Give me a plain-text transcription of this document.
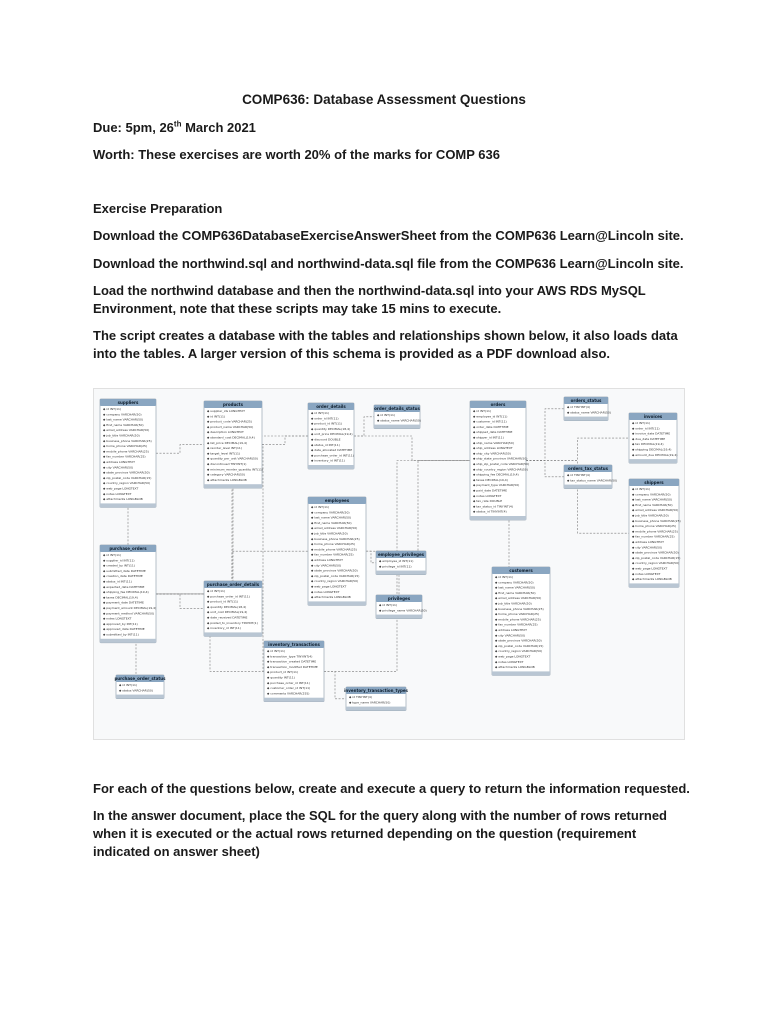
COMP636: Database Assessment Questions
Due: 5pm, 26th March 2021
Worth: These exercises are worth 20% of the marks for COMP 636
Exercise Preparation
Download the COMP636DatabaseExerciseAnswerSheet from the COMP636 Learn@Lincoln site.
Download the northwind.sql and northwind-data.sql file from the COMP636 Learn@Lincoln site.
Load the northwind database and then the northwind-data.sql into your AWS RDS MySQL Environment, note that these scripts may take 15 mins to execute.
The script creates a database with the tables and relationships shown below, it also loads data into the tables. A larger version of this schema is provided as a PDF download also.
suppliers
◆ id INT(11)
◆ company VARCHAR(50)
◆ last_name VARCHAR(50)
◆ first_name VARCHAR(50)
◆ email_address VARCHAR(50)
◆ job_title VARCHAR(50)
◆ business_phone VARCHAR(25)
◆ home_phone VARCHAR(25)
◆ mobile_phone VARCHAR(25)
◆ fax_number VARCHAR(25)
◆ address LONGTEXT
◆ city VARCHAR(50)
◆ state_province VARCHAR(50)
◆ zip_postal_code VARCHAR(15)
◆ country_region VARCHAR(50)
◆ web_page LONGTEXT
◆ notes LONGTEXT
◆ attachments LONGBLOB
products
◆ supplier_ids LONGTEXT
◆ id INT(11)
◆ product_code VARCHAR(25)
◆ product_name VARCHAR(50)
◆ description LONGTEXT
◆ standard_cost DECIMAL(19,4)
◆ list_price DECIMAL(19,4)
◆ reorder_level INT(11)
◆ target_level INT(11)
◆ quantity_per_unit VARCHAR(50)
◆ discontinued TINYINT(1)
◆ minimum_reorder_quantity INT(11)
◆ category VARCHAR(50)
◆ attachments LONGBLOB
order_details
◆ id INT(11)
◆ order_id INT(11)
◆ product_id INT(11)
◆ quantity DECIMAL(18,4)
◆ unit_price DECIMAL(19,4)
◆ discount DOUBLE
◆ status_id INT(11)
◆ date_allocated DATETIME
◆ purchase_order_id INT(11)
◆ inventory_id INT(11)
order_details_status
◆ id INT(11)
◆ status_name VARCHAR(50)
orders
◆ id INT(11)
◆ employee_id INT(11)
◆ customer_id INT(11)
◆ order_date DATETIME
◆ shipped_date DATETIME
◆ shipper_id INT(11)
◆ ship_name VARCHAR(50)
◆ ship_address LONGTEXT
◆ ship_city VARCHAR(50)
◆ ship_state_province VARCHAR(50)
◆ ship_zip_postal_code VARCHAR(50)
◆ ship_country_region VARCHAR(50)
◆ shipping_fee DECIMAL(19,4)
◆ taxes DECIMAL(19,4)
◆ payment_type VARCHAR(50)
◆ paid_date DATETIME
◆ notes LONGTEXT
◆ tax_rate DOUBLE
◆ tax_status_id TINYINT(4)
◆ status_id TINYINT(4)
orders_status
◆ id TINYINT(4)
◆ status_name VARCHAR(50)
orders_tax_status
◆ id TINYINT(4)
◆ tax_status_name VARCHAR(50)
invoices
◆ id INT(11)
◆ order_id INT(11)
◆ invoice_date DATETIME
◆ due_date DATETIME
◆ tax DECIMAL(19,4)
◆ shipping DECIMAL(19,4)
◆ amount_due DECIMAL(19,4)
shippers
◆ id INT(11)
◆ company VARCHAR(50)
◆ last_name VARCHAR(50)
◆ first_name VARCHAR(50)
◆ email_address VARCHAR(50)
◆ job_title VARCHAR(50)
◆ business_phone VARCHAR(25)
◆ home_phone VARCHAR(25)
◆ mobile_phone VARCHAR(25)
◆ fax_number VARCHAR(25)
◆ address LONGTEXT
◆ city VARCHAR(50)
◆ state_province VARCHAR(50)
◆ zip_postal_code VARCHAR(15)
◆ country_region VARCHAR(50)
◆ web_page LONGTEXT
◆ notes LONGTEXT
◆ attachments LONGBLOB
employees
◆ id INT(11)
◆ company VARCHAR(50)
◆ last_name VARCHAR(50)
◆ first_name VARCHAR(50)
◆ email_address VARCHAR(50)
◆ job_title VARCHAR(50)
◆ business_phone VARCHAR(25)
◆ home_phone VARCHAR(25)
◆ mobile_phone VARCHAR(25)
◆ fax_number VARCHAR(25)
◆ address LONGTEXT
◆ city VARCHAR(50)
◆ state_province VARCHAR(50)
◆ zip_postal_code VARCHAR(15)
◆ country_region VARCHAR(50)
◆ web_page LONGTEXT
◆ notes LONGTEXT
◆ attachments LONGBLOB
employee_privileges
◆ employee_id INT(11)
◆ privilege_id INT(11)
privileges
◆ id INT(11)
◆ privilege_name VARCHAR(50)
purchase_orders
◆ id INT(11)
◆ supplier_id INT(11)
◆ created_by INT(11)
◆ submitted_date DATETIME
◆ creation_date DATETIME
◆ status_id INT(11)
◆ expected_date DATETIME
◆ shipping_fee DECIMAL(19,4)
◆ taxes DECIMAL(19,4)
◆ payment_date DATETIME
◆ payment_amount DECIMAL(19,4)
◆ payment_method VARCHAR(50)
◆ notes LONGTEXT
◆ approved_by INT(11)
◆ approved_date DATETIME
◆ submitted_by INT(11)
purchase_order_details
◆ id INT(11)
◆ purchase_order_id INT(11)
◆ product_id INT(11)
◆ quantity DECIMAL(18,4)
◆ unit_cost DECIMAL(19,4)
◆ date_received DATETIME
◆ posted_to_inventory TINYINT(1)
◆ inventory_id INT(11)
customers
◆ id INT(11)
◆ company VARCHAR(50)
◆ last_name VARCHAR(50)
◆ first_name VARCHAR(50)
◆ email_address VARCHAR(50)
◆ job_title VARCHAR(50)
◆ business_phone VARCHAR(25)
◆ home_phone VARCHAR(25)
◆ mobile_phone VARCHAR(25)
◆ fax_number VARCHAR(25)
◆ address LONGTEXT
◆ city VARCHAR(50)
◆ state_province VARCHAR(50)
◆ zip_postal_code VARCHAR(15)
◆ country_region VARCHAR(50)
◆ web_page LONGTEXT
◆ notes LONGTEXT
◆ attachments LONGBLOB
purchase_order_status
◆ id INT(11)
◆ status VARCHAR(50)
inventory_transactions
◆ id INT(11)
◆ transaction_type TINYINT(4)
◆ transaction_created DATETIME
◆ transaction_modified DATETIME
◆ product_id INT(11)
◆ quantity INT(11)
◆ purchase_order_id INT(11)
◆ customer_order_id INT(11)
◆ comments VARCHAR(255)
inventory_transaction_types
◆ id TINYINT(4)
◆ type_name VARCHAR(50)
For each of the questions below, create and execute a query to return the information requested.
In the answer document, place the SQL for the query along with the number of rows returned when it is executed or the actual rows returned depending on the question (requirement indicated on answer sheet)
